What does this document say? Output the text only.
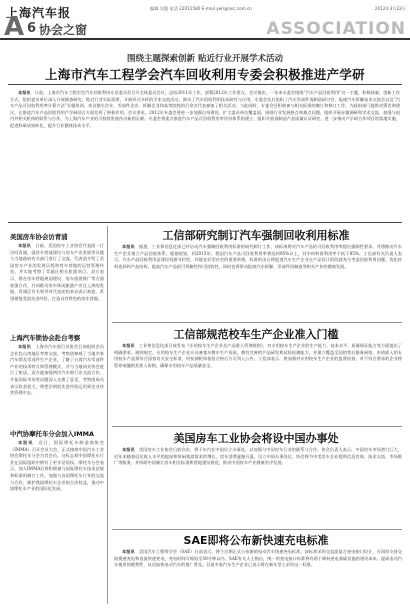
上海汽车报	编辑 吴俊 电话 22011580 E-mail yeri@asc.com.cn	2012年3月22日
A 6 协会之窗	ASSOCIATION
围绕主题探索创新 贴近行业开展学术活动
上海市汽车工程学会汽车回收利用专委会积极推进产学研

本报讯　 日前，上海市汽车工程学会汽车回收利用专业委员会召开全体委员会议，总结2011年工作，部署2012年工作要点。会议指出，一年来专委会围绕“汽车产品回收利用”这一主题，积极探索、创新工作方式，组织委员单位深入开展调查研究，贴近行业实际需要，开展形式多样的学术交流活动，推动了汽车回收利用技术研究与应用。专委会先后组织了汽车零部件再制造研讨会、报废汽车拆解技术交流会以及“汽车产品可回收利用率计算方法”专题培训，来自整车企业、零部件企业、拆解企业和高等院校的百余名代表参加了相关活动。与此同时，专委会还积极参与相关标准的制订和修订工作，为政府部门提供决策咨询建议，在推进汽车产品回收利用产学研结合方面发挥了积极作用。会议要求，2012年专委会要进一步加强自身建设，扩大委员单位覆盖面，围绕行业发展热点和难点问题，组织开展专题调研和学术交流，加强与国内外相关机构的联系与合作，为上海汽车产业的可持续发展作出新的贡献。专委会将重点推进汽车产品可回收利用率评价体系的建立，组织开展再制造产品质量认证研究，进一步推动产学研合作项目的落地实施，促进科研成果转化，提升行业整体技术水平。

美国房车协会访青浦

本报讯　 日前，美国房车工业协会代表团一行访问青浦，就房车营地建设与房车产业发展等议题与当地政府有关部门进行了交流。代表团介绍了美国房车产业的发展历程和房车营地的运营管理经验，并实地考察了青浦区相关旅游项目。双方表示，将在房车营地规划建设、房车旅游推广等方面加强合作，共同推动房车休闲旅游产业在上海的发展，青浦区有关领导对代表团的来访表示欢迎，希望借鉴美国先进经验，打造具有特色的房车营地。

上海汽车锁协会赴台考察

本报讯　 上海市汽车锁行业协会日前组织会员企业赴台湾地区考察交流。考察团参观了当地多家汽车锁及零部件生产企业，了解了台湾汽车零部件产业的技术特点和管理模式，并与当地同业协会进行了座谈。双方就加强两岸汽车锁行业交流合作、开拓国际市场等问题深入交换了意见，考察团成员表示收获很大，将把学到的先进经验运用到企业经营管理中去。

中汽协摩托车分会加入IMMA

本报讯　 近日，国际摩托车制造商协会（IMMA）召开会员大会，正式接纳中国汽车工业协会摩托车分会为其会员。这标志着中国摩托车行业在国际组织中拥有了更多话语权。摩托车分会表示，加入IMMA后将积极参与国际摩托车技术法规和标准的制订工作，加强与各国摩托车行业的交流与合作，维护我国摩托车企业的合法权益，推动中国摩托车产业的国际化发展。

工信部研究制订汽车强制回收利用标准

本报讯　 据悉，工业和信息化部已经启动汽车强制回收利用标准的研究制订工作，该标准将对汽车产品的可回收利用率提出强制性要求，并将推动汽车生产企业建立产品回收体系。根据规划，到2015年，我国汽车产品可回收利用率将达到95%以上，其中材料再利用率不低于85%。工信部有关负责人表示，汽车产品回收利用是建设资源节约型、环境友好型社会的重要举措，标准的出台将促进汽车生产企业在产品设计阶段就充分考虑回收利用问题，优化材料选择和产品结构，提高汽车产品的可拆解性和可回收性，同时也将带动报废汽车拆解、零部件再制造等相关产业的健康发展。

工信部规范校车生产企业准入门槛

本报讯　 工业和信息化部日前发布《专用校车生产企业及产品准入管理规则》，对专用校车生产企业的生产能力、技术水平、质量保证能力等方面提出了明确要求。规则规定，专用校车生产企业应具备客车整车生产资质，拥有完善的产品研发和试验检测能力，并建立覆盖全国的售后服务网络。申请准入的专用校车产品须符合国家有关安全标准，经检测机构检验合格后方可列入公告。工信部表示，将加强对专用校车生产企业的监督检查，对不符合要求的企业将暂停或撤销其准入资格，确保专用校车产品质量安全。

美国房车工业协会将设中国办事处

本报讯　 美国房车工业协会日前宣布，将于年内在中国设立办事处，以加强与中国房车行业的联系与合作。协会负责人表示，中国房车市场潜力巨大，近年来随着居民收入水平的提高和休闲旅游需求的增长，房车消费逐渐升温。设立中国办事处后，协会将为中美房车企业提供信息咨询、技术交流、市场推广等服务，并协助中国制订房车相关标准和营地建设规范，推动中国房车产业健康有序发展。

SAE即将公布新快速充电标准

本报讯　 美国汽车工程师学会（SAE）日前表示，将于近期正式公布新的电动汽车快速充电标准。该标准采用交直流复合充电接口设计，可同时支持交流慢速充电和直流快速充电，充电时间可缩短至30分钟以内。SAE有关人士指出，统一的充电接口标准将有助于降低充电基础设施的建设成本，提高电动汽车使用的便利性，从而加快电动汽车的推广普及。目前多家汽车生产企业已表示将在新车型上采用这一标准。
